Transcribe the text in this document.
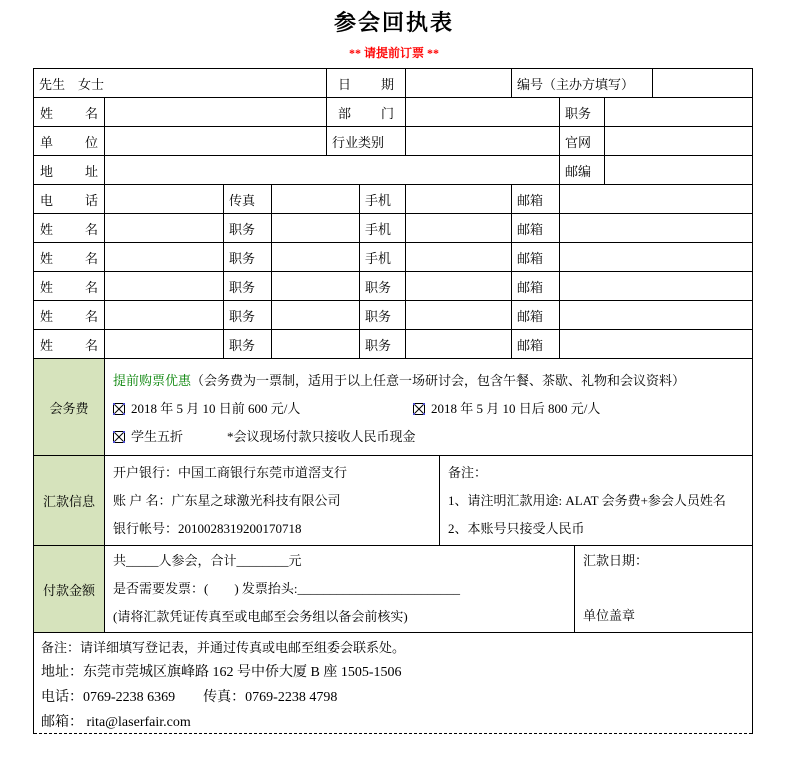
参会回执表
** 请提前订票 **
先生　女士	日 期	编号（主办方填写）
姓 名	部 门	职务
单 位	行业类别	官网
地 址	邮编
电 话	传真	手机	邮箱
姓 名	职务	手机	邮箱
姓 名	职务	手机	邮箱
姓 名	职务	职务	邮箱
姓 名	职务	职务	邮箱
姓 名	职务	职务	邮箱
会务费
提前购票优惠 （会务费为一票制，适用于以上任意一场研讨会，包含午餐、茶歇、礼物和会议资料）
2018 年 5 月 10 日前 600 元/人	2018 年 5 月 10 日后 800 元/人
学生五折	*会议现场付款只接收人民币现金
汇款信息
开户银行：中国工商银行东莞市道滘支行
账 户 名：广东星之球激光科技有限公司
银行帐号：2010028319200170718
备注：
1、请注明汇款用途: ALAT 会务费+参会人员姓名
2、本账号只接受人民币
付款金额
共_____人参会，合计________元
是否需要发票：(　　) 发票抬头:_________________________
(请将汇款凭证传真至或电邮至会务组以备会前核实)
汇款日期：
单位盖章
备注：请详细填写登记表，并通过传真或电邮至组委会联系处。
地址：东莞市莞城区旗峰路 162 号中侨大厦 B 座 1505-1506
电话：0769-2238 6369　　传真：0769-2238 4798
邮箱： rita@laserfair.com
